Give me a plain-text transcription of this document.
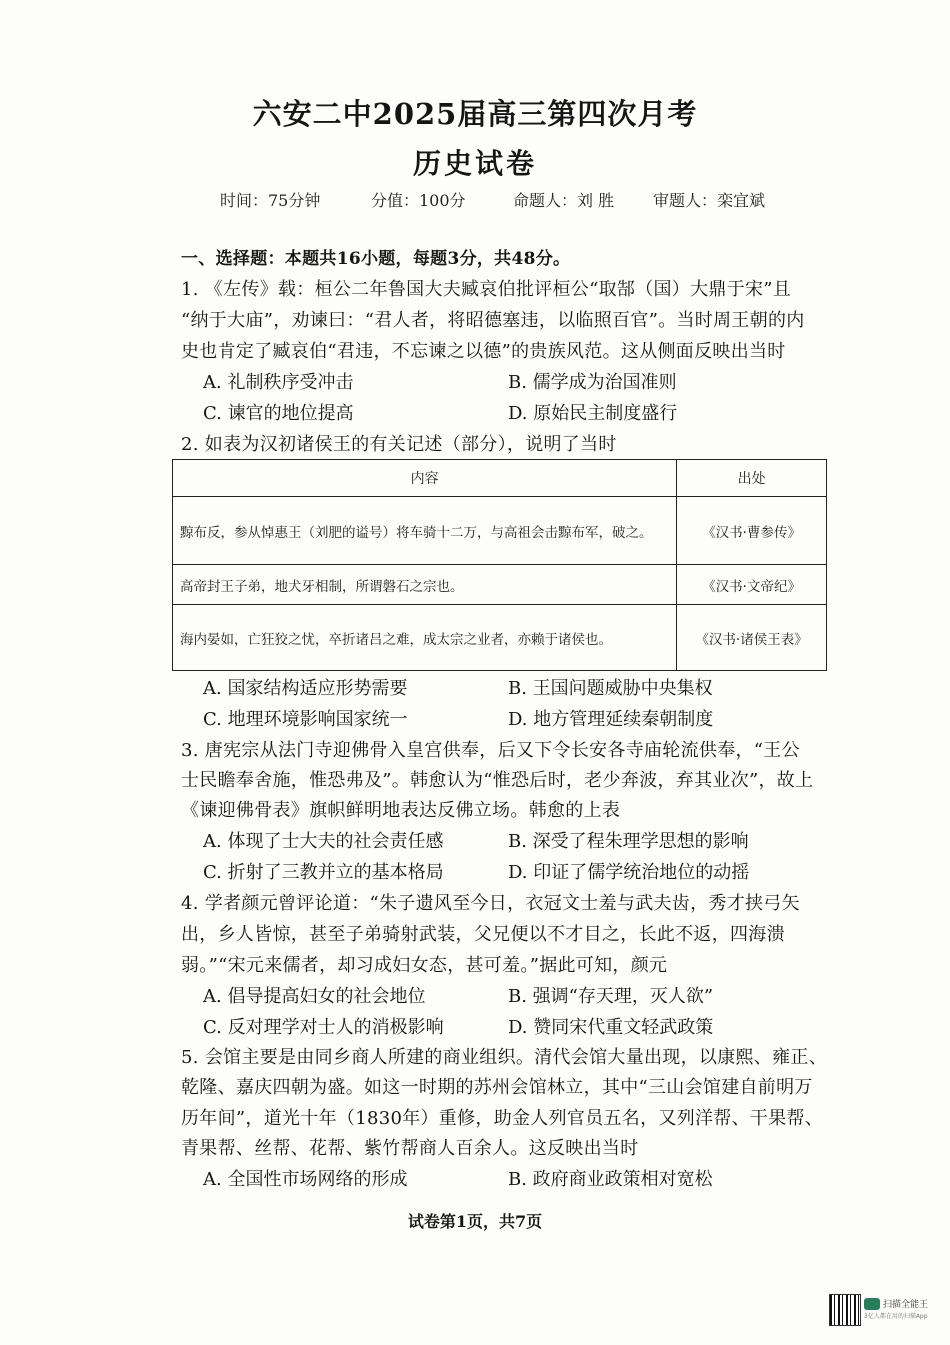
六安二中2025届高三第四次月考
历史试卷
时间：75分钟	分值：100分	命题人：刘 胜 审题人：栾宜斌
一、选择题：本题共16小题，每题3分，共48分。
1. 《左传》载：桓公二年鲁国大夫臧哀伯批评桓公“取郜（国）大鼎于宋”且
“纳于大庙”，劝谏曰：“君人者，将昭德塞违，以临照百官”。当时周王朝的内
史也肯定了臧哀伯“君违，不忘谏之以德”的贵族风范。这从侧面反映出当时
A. 礼制秩序受冲击	B. 儒学成为治国准则
C. 谏官的地位提高	D. 原始民主制度盛行
2. 如表为汉初诸侯王的有关记述（部分），说明了当时
内容	出处
黥布反，参从悼惠王（刘肥的谥号）将车骑十二万，与高祖会击黥布军，破之。	《汉书·曹参传》
高帝封王子弟，地犬牙相制，所谓磐石之宗也。	《汉书·文帝纪》
海内晏如，亡狂狡之忧，卒折诸吕之难，成太宗之业者，亦赖于诸侯也。	《汉书·诸侯王表》
A. 国家结构适应形势需要	B. 王国问题威胁中央集权
C. 地理环境影响国家统一	D. 地方管理延续秦朝制度
3. 唐宪宗从法门寺迎佛骨入皇宫供奉，后又下令长安各寺庙轮流供奉，“王公
士民瞻奉舍施，惟恐弗及”。韩愈认为“惟恐后时，老少奔波，弃其业次”，故上
《谏迎佛骨表》旗帜鲜明地表达反佛立场。韩愈的上表
A. 体现了士大夫的社会责任感	B. 深受了程朱理学思想的影响
C. 折射了三教并立的基本格局	D. 印证了儒学统治地位的动摇
4. 学者颜元曾评论道：“朱子遗风至今日，衣冠文士羞与武夫齿，秀才挟弓矢
出，乡人皆惊，甚至子弟骑射武装，父兄便以不才目之，长此不返，四海溃
弱。”“宋元来儒者，却习成妇女态，甚可羞。”据此可知，颜元
A. 倡导提高妇女的社会地位	B. 强调“存天理，灭人欲”
C. 反对理学对士人的消极影响	D. 赞同宋代重文轻武政策
5. 会馆主要是由同乡商人所建的商业组织。清代会馆大量出现，以康熙、雍正、
乾隆、嘉庆四朝为盛。如这一时期的苏州会馆林立，其中“三山会馆建自前明万
历年间”，道光十年（1830年）重修，助金人列官员五名，又列洋帮、干果帮、
青果帮、丝帮、花帮、紫竹帮商人百余人。这反映出当时
A. 全国性市场网络的形成	B. 政府商业政策相对宽松
试卷第1页，共7页
扫描全能王
3亿人都在用的扫描App
